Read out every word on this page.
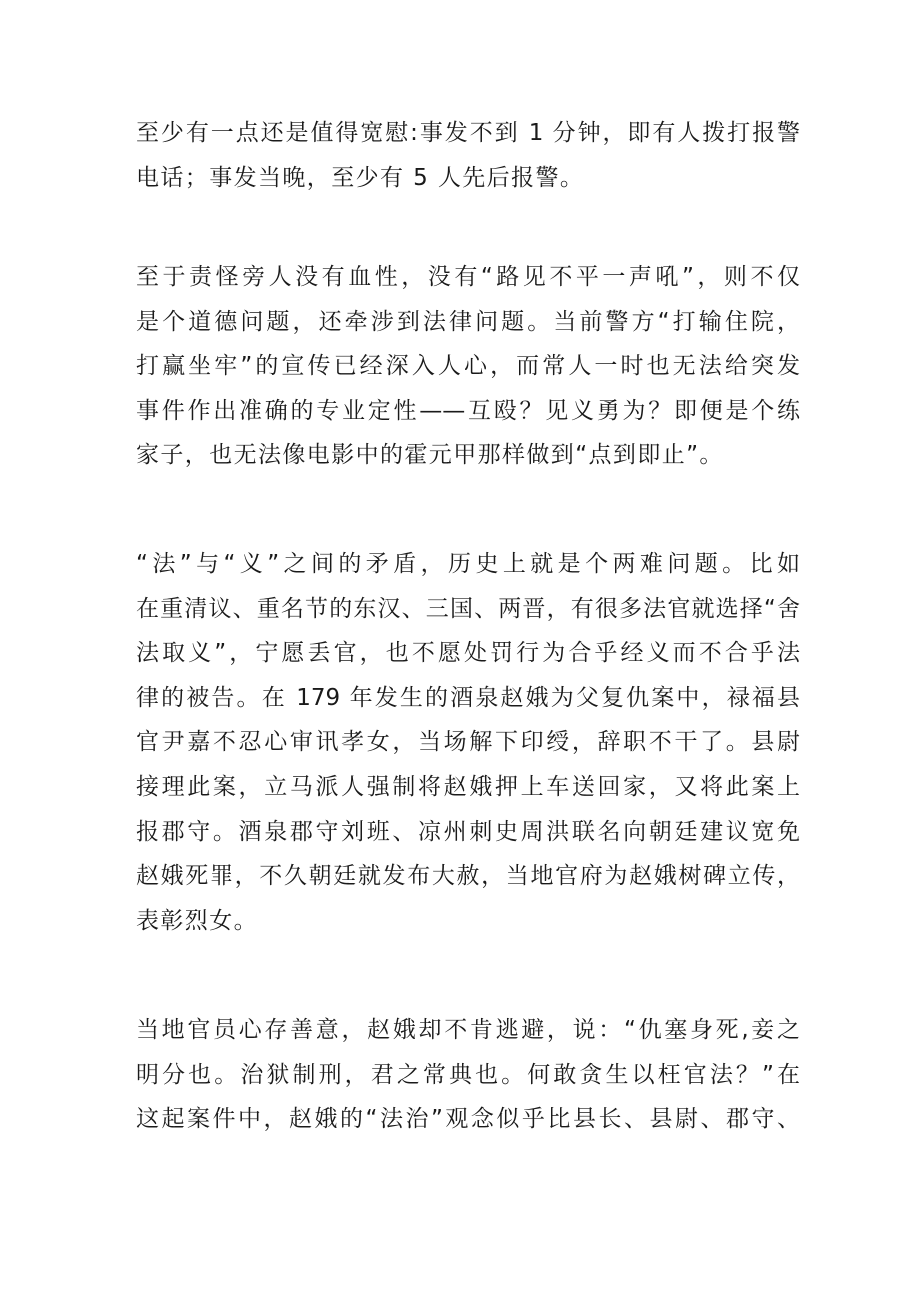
至少有一点还是值得宽慰:事发不到 1 分钟，即有人拨打报警
电话；事发当晚，至少有 5 人先后报警。
至于责怪旁人没有血性，没有“路见不平一声吼”，则不仅
是个道德问题，还牵涉到法律问题。当前警方“打输住院，
打赢坐牢”的宣传已经深入人心，而常人一时也无法给突发
事件作出准确的专业定性——互殴？见义勇为？即便是个练
家子，也无法像电影中的霍元甲那样做到“点到即止”。
“法”与“义”之间的矛盾，历史上就是个两难问题。比如
在重清议、重名节的东汉、三国、两晋，有很多法官就选择“舍
法取义”，宁愿丢官，也不愿处罚行为合乎经义而不合乎法
律的被告。在 179 年发生的酒泉赵娥为父复仇案中，禄福县
官尹嘉不忍心审讯孝女，当场解下印绶，辞职不干了。县尉
接理此案，立马派人强制将赵娥押上车送回家，又将此案上
报郡守。酒泉郡守刘班、凉州刺史周洪联名向朝廷建议宽免
赵娥死罪，不久朝廷就发布大赦，当地官府为赵娥树碑立传，
表彰烈女。
当地官员心存善意，赵娥却不肯逃避，说：“仇塞身死,妾之
明分也。治狱制刑，君之常典也。何敢贪生以枉官法？”在
这起案件中，赵娥的“法治”观念似乎比县长、县尉、郡守、
